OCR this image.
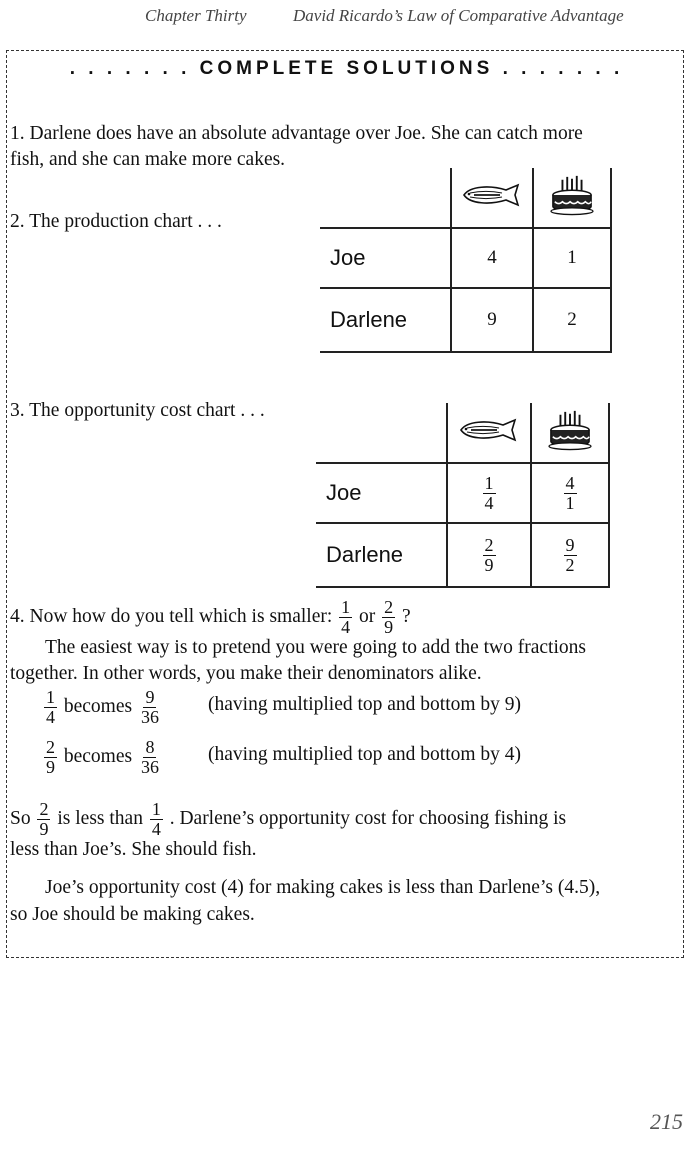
Chapter Thirty	David Ricardo’s Law of Comparative Advantage
. . . . . . . COMPLETE SOLUTIONS . . . . . . .
1. Darlene does have an absolute advantage over Joe. She can catch more
fish, and she can make more cakes.
2. The production chart . . .

Joe	4	1
Darlene	9	2
3. The opportunity cost chart . . .

Joe	$\frac{1}{4}$	$\frac{4}{1}$

Darlene	$\frac{2}{9}$	$\frac{9}{2}$
4. Now how do you tell which is smaller: $\frac{1}{4}$ or $\frac{2}{9}$ ?
The easiest way is to pretend you were going to add the two fractions
together. In other words, you make their denominators alike.
$\frac{1}{4}$ becomes $\frac{9}{36}$ (having multiplied top and bottom by 9)
$\frac{2}{9}$ becomes $\frac{8}{36}$ (having multiplied top and bottom by 4)
So $\frac{2}{9}$ is less than $\frac{1}{4}$ . Darlene’s opportunity cost for choosing fishing is
less than Joe’s. She should fish.
Joe’s opportunity cost (4) for making cakes is less than Darlene’s (4.5),
so Joe should be making cakes.
215
